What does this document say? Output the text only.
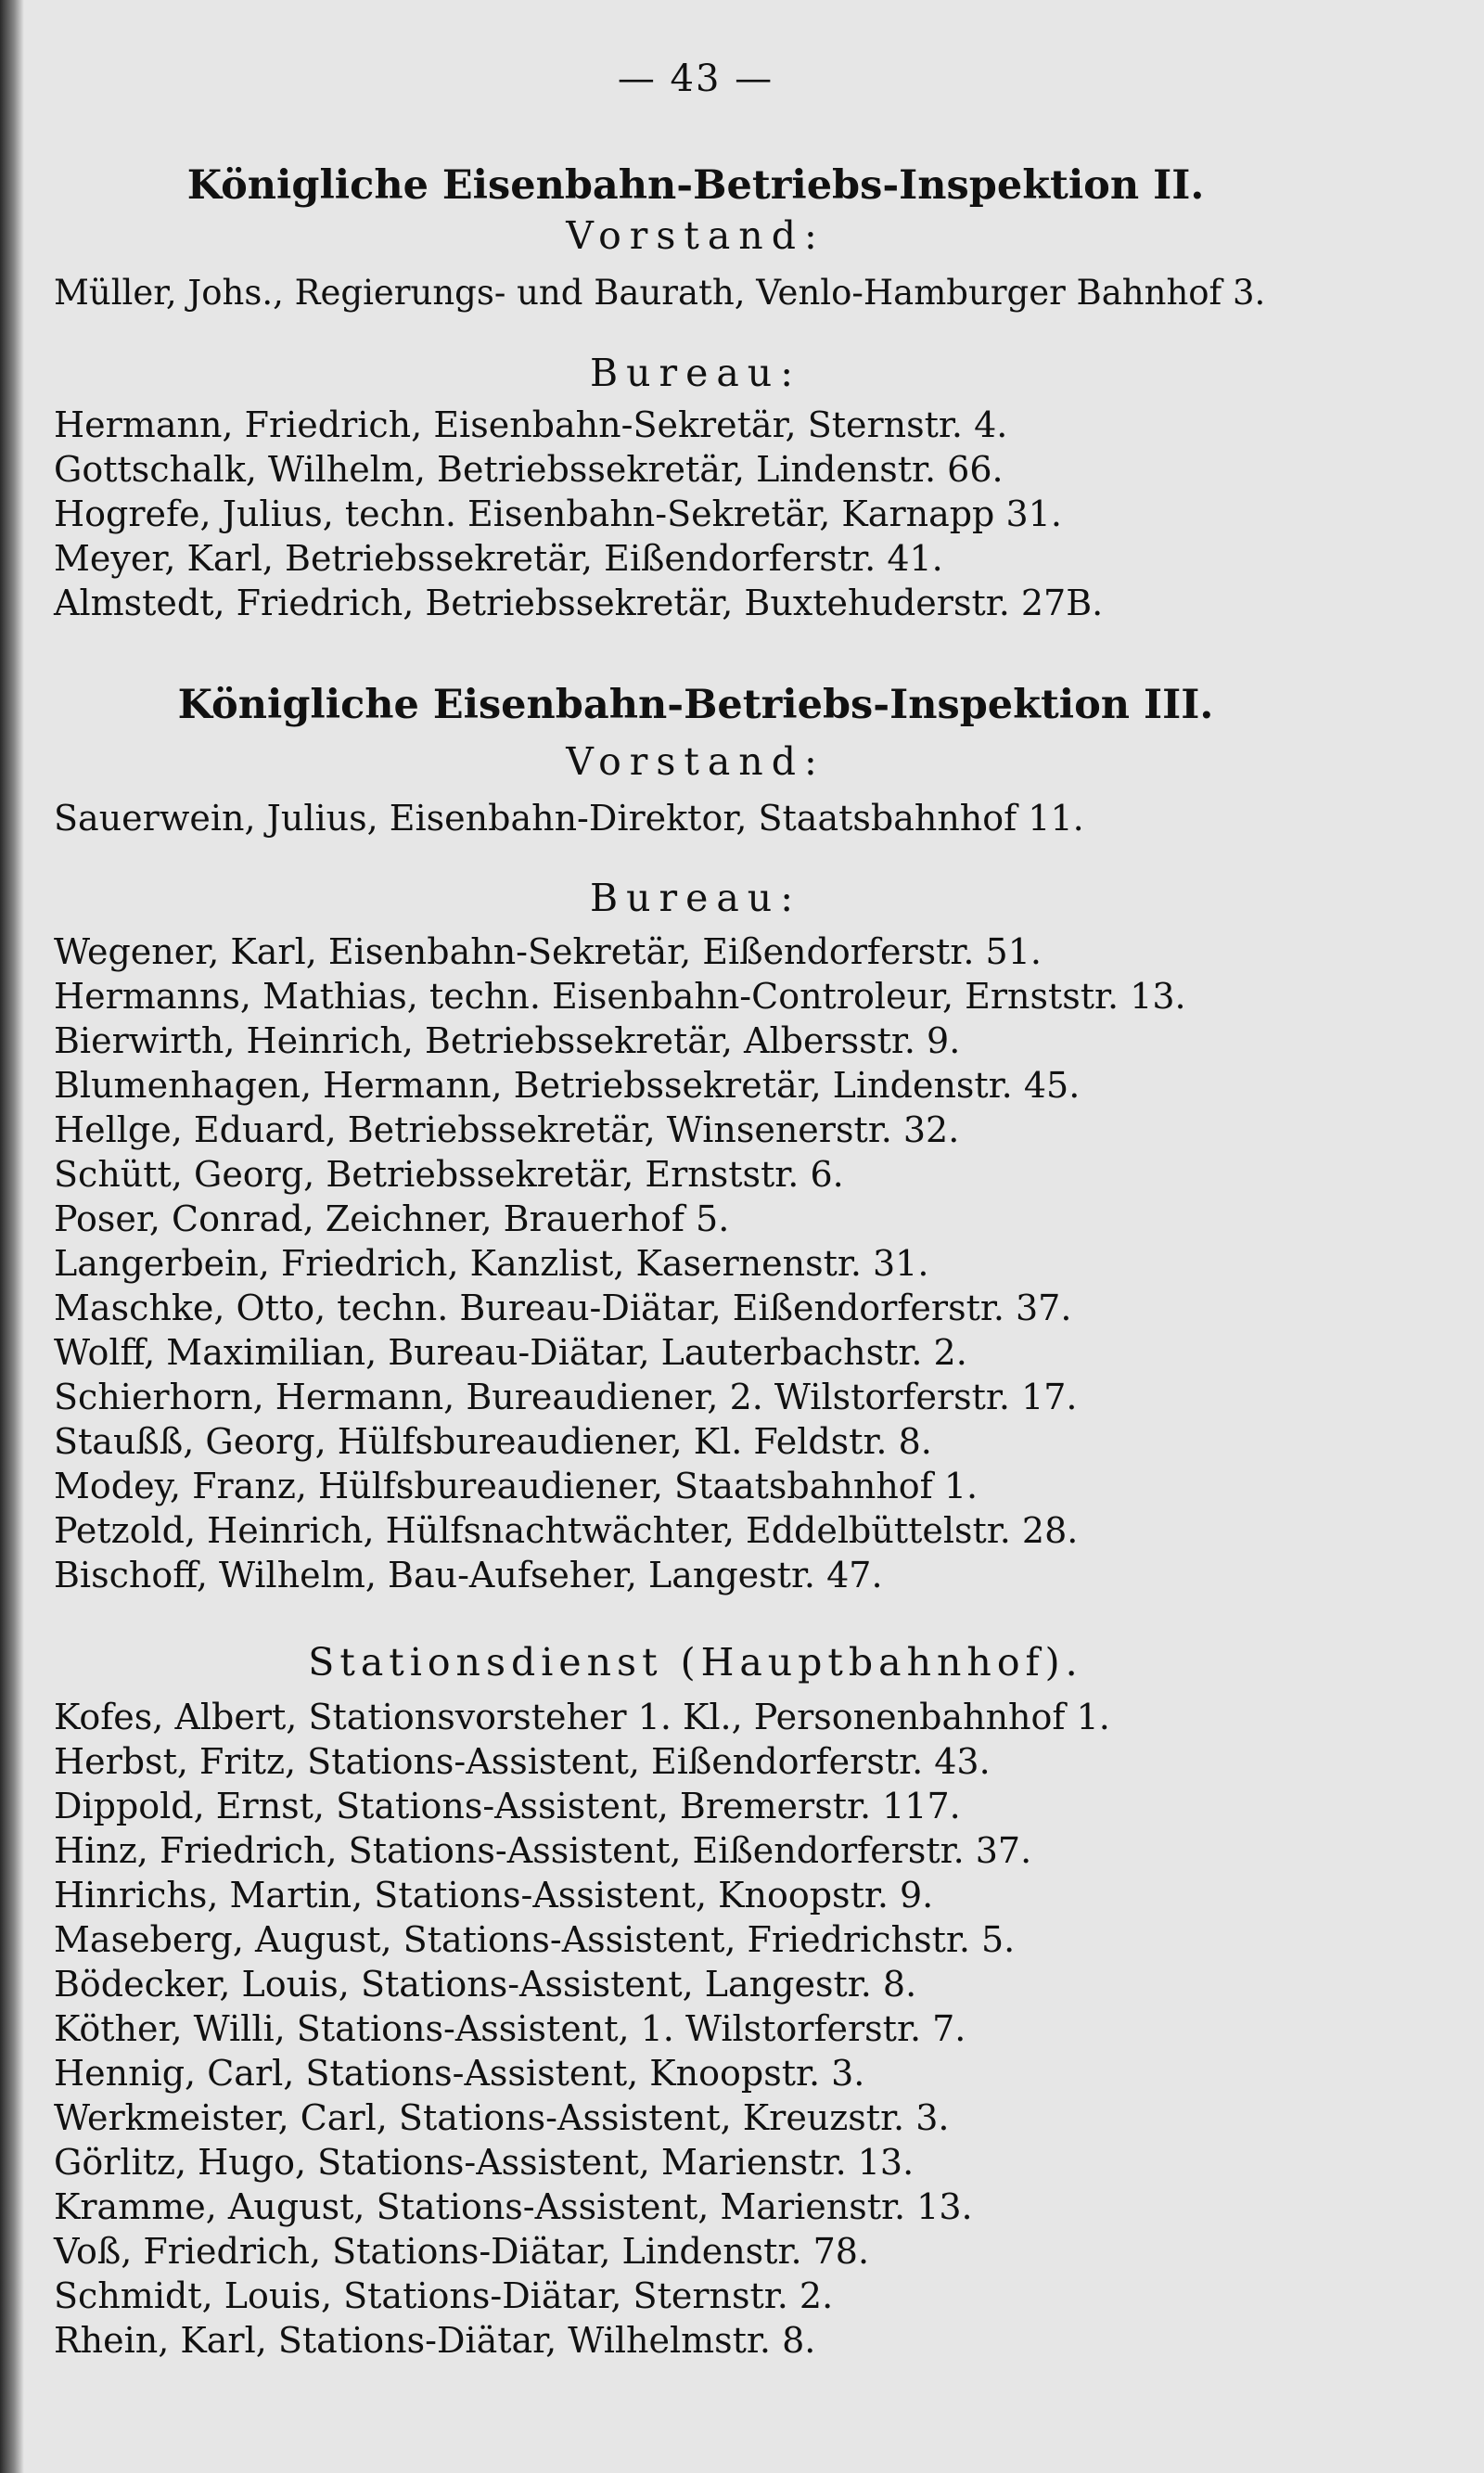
— 43 —
Königliche Eisenbahn-Betriebs-Inspektion II.
Vorstand:
Müller, Johs., Regierungs- und Baurath, Venlo-Hamburger Bahnhof 3.
Bureau:
Hermann, Friedrich, Eisenbahn-Sekretär, Sternstr. 4.
Gottschalk, Wilhelm, Betriebssekretär, Lindenstr. 66.
Hogrefe, Julius, techn. Eisenbahn-Sekretär, Karnapp 31.
Meyer, Karl, Betriebssekretär, Eißendorferstr. 41.
Almstedt, Friedrich, Betriebssekretär, Buxtehuderstr. 27B.
Königliche Eisenbahn-Betriebs-Inspektion III.
Vorstand:
Sauerwein, Julius, Eisenbahn-Direktor, Staatsbahnhof 11.
Bureau:
Wegener, Karl, Eisenbahn-Sekretär, Eißendorferstr. 51.
Hermanns, Mathias, techn. Eisenbahn-Controleur, Ernststr. 13.
Bierwirth, Heinrich, Betriebssekretär, Albersstr. 9.
Blumenhagen, Hermann, Betriebssekretär, Lindenstr. 45.
Hellge, Eduard, Betriebssekretär, Winsenerstr. 32.
Schütt, Georg, Betriebssekretär, Ernststr. 6.
Poser, Conrad, Zeichner, Brauerhof 5.
Langerbein, Friedrich, Kanzlist, Kasernenstr. 31.
Maschke, Otto, techn. Bureau-Diätar, Eißendorferstr. 37.
Wolff, Maximilian, Bureau-Diätar, Lauterbachstr. 2.
Schierhorn, Hermann, Bureaudiener, 2. Wilstorferstr. 17.
Staußß, Georg, Hülfsbureaudiener, Kl. Feldstr. 8.
Modey, Franz, Hülfsbureaudiener, Staatsbahnhof 1.
Petzold, Heinrich, Hülfsnachtwächter, Eddelbüttelstr. 28.
Bischoff, Wilhelm, Bau-Aufseher, Langestr. 47.
Stationsdienst (Hauptbahnhof).
Kofes, Albert, Stationsvorsteher 1. Kl., Personenbahnhof 1.
Herbst, Fritz, Stations-Assistent, Eißendorferstr. 43.
Dippold, Ernst, Stations-Assistent, Bremerstr. 117.
Hinz, Friedrich, Stations-Assistent, Eißendorferstr. 37.
Hinrichs, Martin, Stations-Assistent, Knoopstr. 9.
Maseberg, August, Stations-Assistent, Friedrichstr. 5.
Bödecker, Louis, Stations-Assistent, Langestr. 8.
Köther, Willi, Stations-Assistent, 1. Wilstorferstr. 7.
Hennig, Carl, Stations-Assistent, Knoopstr. 3.
Werkmeister, Carl, Stations-Assistent, Kreuzstr. 3.
Görlitz, Hugo, Stations-Assistent, Marienstr. 13.
Kramme, August, Stations-Assistent, Marienstr. 13.
Voß, Friedrich, Stations-Diätar, Lindenstr. 78.
Schmidt, Louis, Stations-Diätar, Sternstr. 2.
Rhein, Karl, Stations-Diätar, Wilhelmstr. 8.
